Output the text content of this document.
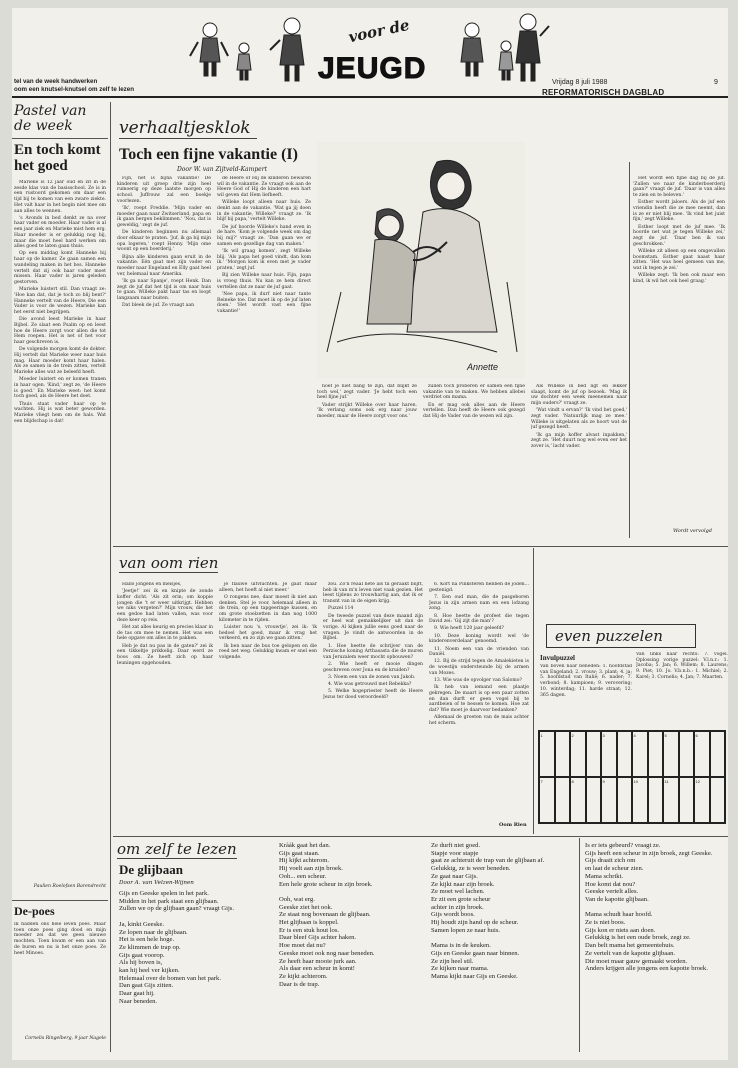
tel van de week handwerken
oom een knutsel-knutsel om zelf te lezen
voor de
JEUGD	Vrijdag 8 juli 1988	9
REFORMATORISCH DAGBLAD
Pastel van de week
En toch komt het goed

Marieke is 12 jaar oud en zit in de zesde klas van de basisschool. Ze is in een rustoord gekomen om daar een tijd bij te komen van een zware ziekte. Het valt haar in het begin niet mee om aan alles te wennen.

's Avonds in bed denkt ze na over haar vader en moeder. Haar vader is al een jaar ziek en Marieke mist hem erg. Haar moeder is er gelukkig nog bij, maar die moet heel hard werken om alles goed te laten gaan thuis.

Op een middag komt Hanneke bij haar op de kamer. Ze gaan samen een wandeling maken in het bos. Hanneke vertelt dat zij ook haar vader moet missen. Haar vader is jaren geleden gestorven.

Marieke luistert stil. Dan vraagt ze: 'Hoe kan dat, dat je toch zo blij bent?' Hanneke vertelt van de Heere, Die een Vader is voor de wezen. Marieke kan het eerst niet begrijpen.

Die avond leest Marieke in haar Bijbel. Ze slaat een Psalm op en leest hoe de Heere zorgt voor allen die tot Hem roepen. Het is net of het voor haar geschreven is.

De volgende morgen komt de dokter. Hij vertelt dat Marieke weer naar huis mag. Haar moeder komt haar halen. Als ze samen in de trein zitten, vertelt Marieke alles wat ze beleefd heeft.

Moeder luistert en er komen tranen in haar ogen. 'Kind,' zegt ze, 'de Heere is goed.' En Marieke weet: het komt toch goed, als de Heere het doet.

Thuis staat vader haar op te wachten. Hij is wat beter geworden. Marieke vliegt hem om de hals. Wat een blijdschap is dat!

Paulien Roelofsen Barendrecht
De-poes
Ik hadden ons hele leven poes. Maar toen onze poes ging dood en mijn moeder zei dat we geen nieuwe mochten. Toen kwam er een aan van de buren en nu is het onze poes. Ze heet Minoes.
Cornelis Ringelberg, 9 jaar Nagele
verhaaltjesklok
Toch een fijne vakantie (I)
Door W. van Zijtveld-Kampert

Fijn, het is bijna vakantie! De kinderen uit groep drie zijn heel rumoerig op deze laatste morgen op school. Juffrouw zal een boekje voorlezen.

'Ik', roept Freddie. 'Mijn vader en moeder gaan naar Zwitserland, papa en ik gaan bergen beklimmen.' 'Nou, dat is geweldig,' zegt de juf.

De kinderen beginnen nu allemaal door elkaar te praten. 'Juf, ik ga bij mijn opa logeren,' roept Henny. 'Mijn ome woont op een boerderij.'

Bijna alle kinderen gaan eruit in de vakantie. Eén gaat met zijn vader en moeder naar Engeland en Elly gaat heel ver, helemaal naar Amerika.

'Ik ga naar Spanje', roept Henk. Dan zegt de juf dat het tijd is om naar huis te gaan. Willeke pakt haar tas en loopt langzaam naar buiten.

Dat bleek de juf. Ze vraagt aan

de Heere of Hij de kinderen bewaren wil in de vakantie. Ze vraagt ook aan de Heere God of Hij de kinderen een hart wil geven dat Hem liefheeft.

Willeke loopt alleen naar huis. Ze denkt aan de vakantie. 'Wat ga jij doen in de vakantie, Willeke?' vraagt ze. 'Ik blijf bij papa,' vertelt Willeke.

De juf hoorde Willeke's hand even in de hare. 'Kom je volgende week om dag bij mij?' vraagt ze. 'Dan gaan we er samen een gezellige dag van maken.'

'Ik wil graag komen', zegt Willeke blij. 'Als papa het goed vindt, dan kom ik.' 'Morgen kom ik even met je vader praten,' zegt juf.

Bij zien Willeke naar huis. Fijn, papa is vroeg thuis. Nu kan ze hem direct vertellen dat ze naar de juf gaat.

'Nee papa, ik durf niet naar tante Reineke toe. Dat moet ik op de juf laten doen.' 'Het wordt vast een fijne vakantie!'

Annette

hoef je niet bang te zijn, dat blijkt ze toch wel,' zegt vader. 'Je hebt toch een heel fijne juf.'

Vader strijkt Willeke over haar haren. 'Ik verlang soms ook erg naar jouw moeder, maar de Heere zorgt voor ons.'

zullen toch proberen er samen een fijne vakantie van te maken. We hebben allebei verdriet om mama.

En er mag ook alles aan de Heere vertellen. Dan heeft de Heere ook gezegd dat Hij de Vader van de wezen wil zijn.

Als Willeke in bed ligt en lekker slaapt, komt de juf op bezoek. 'Mag ik uw dochter een week meenemen naar mijn ouders?' vraagt ze.

'Wat vindt u ervan?' 'Ik vind het goed,' zegt vader. 'Natuurlijk mag ze mee.' Willeke is uitgelaten als ze hoort wat de juf gezegd heeft.

'Ik ga mijn koffer alvast inpakken,' zegt ze. 'Het duurt nog wel even eer het zover is,' lacht vader.

Het wordt een fijne dag bij de juf. 'Zullen we naar de kinderboerderij gaan?' vraagt de juf. 'Daar is van alles te zien en te beleven.'

Esther wordt jaloers. Als de juf een vriendin heeft die ze mee neemt, dan is ze er niet blij mee. 'Ik vind het juist fijn,' zegt Willeke.

Esther loopt met de juf mee. 'Ik hoorde net wat je tegen Willeke zei,' zegt de juf. 'Daar ben ik van geschrokken.'

Willeke zit alleen op een omgevallen boomstam. Esther gaat naast haar zitten. 'Het was heel gemeen van me, wat ik tegen je zei.'

Willeke zegt: 'Ik ben ook maar een kind, ik wil het ook heel graag.'

Wordt vervolgd
van oom rien

Hallo jongens en meisjes,

'Jeetje!' zei ik en knipte de zonde koffer dicht. 'Als zit erin; om koppie jongen die 't er weer uitkrijgt. Hebben we niks vergeten?' Mijn vrouw, die het een gedoe had laten vallen, was voor deze keer op reis.

Het zat alles keurig en precies klaar in de tas om mee te nemen. Het was een hele opgave om alles in te pakken.

Heb je dat nu pas in de gaten?' zei ik een tikkeltje prikkelig. Daar werd ze boos om. Ze heeft zich op haar leuningen opgehouden.

je flauwe uitvluchten. Je gaat maar alleen, het hoeft al niet meer.'

O rongens nee, daar moest ik niet aan denken. Stel je voor, helemaal alleen in de trein, op een tapgeeringe kussen, en om grote stoelzetten in dan nog 1000 kilometer in te rijden.

Luister nou 's, vrouwtje', zei ik: 'ik bedoel het goed, maar ik vrag het verkeerd, en zo zijn we gaan zitten.'

Ik ben naar de bus toe gelopen en die reed net weg. Gelukkig kwam er snel een volgende.

zou. Zo'n reaal hete als til geraakt blijft, heb ik van m'n leven niet vaak gezien. Het leest tijdens zo trouwhartig aan, dat ik er transnt van in de eigen krijg.

Puzzel 114

De tweede puzzel van deze maand zijn er heel wat gemakkelijker uit dan de vorige. Al kijken jullie eens goed naar de vragen. Je vindt de antwoorden in de Bijbel.

1. Hoe heette de schrijver van de Perzische koning Arthasasta die de muren van Jeruzalem weer mocht opbouwen?

2. Wie heeft er mooie dingen geschreven over Jona en de kruiden?

3. Noem een van de zonen van Jakob.

4. Wie was getrouwd met Rebekka?

5. Welke hogepriester heeft de Heere Jezus ter dood veroordeeld?

6. Kort na Pinksteren hebben de joden... gestenigd.

7. Een oud man, die de pasgeboren Jezus in zijn armen nam en een lofzang zong.

8. Hoe heette de profeet die tegen David zei: 'Gij zijt die man'?

9. Wie heeft 120 jaar geleefd?

10. Deze koning wordt wel 'de kinderenverdelaar' genoemd.

11. Noem een van de vrienden van Daniël.

12. Bij de strijd tegen de Amalekieten is de woestijn ondersteunde bij de armen van Mozes.

13. Wie was de opvolger van Salomo?

Ik heb van iemand een plaatje gekregen. De maart is op een paar zotten en dan durft er geen vogel bij te aardbeien of te bessen te komen. Hoe zat dat? Wie moet je daarvoor bedanken?

Allemaal de groeten van de mais achter het scherm.

Oom Rien
even puzzelen
Invulpuzzel
Van boven naar beneden: 1. hoofdstad van Engeland; 2. vrouw; 3. plant; 4. ja; 5. hoofdstad van Italië; 6. nader; 7. verbond; 8. kampioen; 9. verovering; 10. winterdag; 11. harde straat; 12. 365 dagen.
Van links naar rechts: 7. vogel. Oplossing vorige puzzel: V.l.n.r.: 1. Jacoba; 5. Jan; 6. Willem; 8. Laurens; 9. Piet; 10. Jo. V.b.n.b.: 1. Michiel; 2. Karel; 3. Cornelis; 4. Jan; 7. Maarten.
1	2	3	4	5	6
7	8	9	10	11	12
om zelf te lezen
De glijbaan
Door A. van Velzen-Wijnen
Gijs en Geeske spelen in het park.
Midden in het park staat een glijbaan.
Zullen we op de glijbaan gaan? vraagt Gijs.

Ja, kinkt Geeske.
Ze lopen naar de glijbaan.
Het is een hele hoge.
Ze klimmen de trap op.
Gijs gaat voorop.
Als hij boven is,
kan hij heel ver kijken.
Helemaal over de bomen van het park.
Dan gaat Gijs zitten.
Daar gaat hij.
Naar beneden.
Krààk gaat het dan.
Gijs gaat staan.
Hij kijkt achterom.
Hij voelt aan zijn broek.
Ooh... een scheur.
Een hele grote scheur in zijn broek.

Ooh, wat erg.
Geeske ziet het ook.
Ze staat nog bovenaan de glijbaan.
Het glijbaan is koppel.
Er is een stuk hout los.
Daar bleef Gijs achter haken.
Hoe moet dat nu?
Geeske moet ook nog naar beneden.
Ze heeft haar mooie jurk aan.
Als daar een scheur in komt!
Ze kijkt achterom.
Daar is de trap.
Ze durft niet goed.
Stapje voor stapje
gaat ze achteruit de trap van de glijbaan af.
Gelukkig, ze is weer beneden.
Ze gaat naar Gijs.
Ze kijkt naar zijn broek.
Ze moet wel lachen.
Er zit een grote scheur
achter in zijn broek.
Gijs wordt boos.
Hij houdt zijn hand op de scheur.
Samen lopen ze naar huis.

Mama is in de keuken.
Gijs en Geeske gaan naar binnen.
Ze zijn heel stil.
Ze kijken naar mama.
Mama kijkt naar Gijs en Geeske.
Is er iets gebeurd? vraagt ze.
Gijs heeft een scheur in zijn broek, zegt Geeske.
Gijs draait zich om
en laat de scheur zien.
Mama schrikt.
Hoe komt dat nou?
Geeske vertelt alles.
Van de kapotte glijbaan.

Mama schudt haar hoofd.
Ze is niet boos.
Gijs kon er niets aan doen.
Gelukkig is het een oude broek, zegt ze.
Dan belt mama het gemeentehuis.
Ze vertelt van de kapotte glijbaan.
Die moet maar gauw gemaakt worden.
Anders krijgen alle jongens een kapotte broek.
